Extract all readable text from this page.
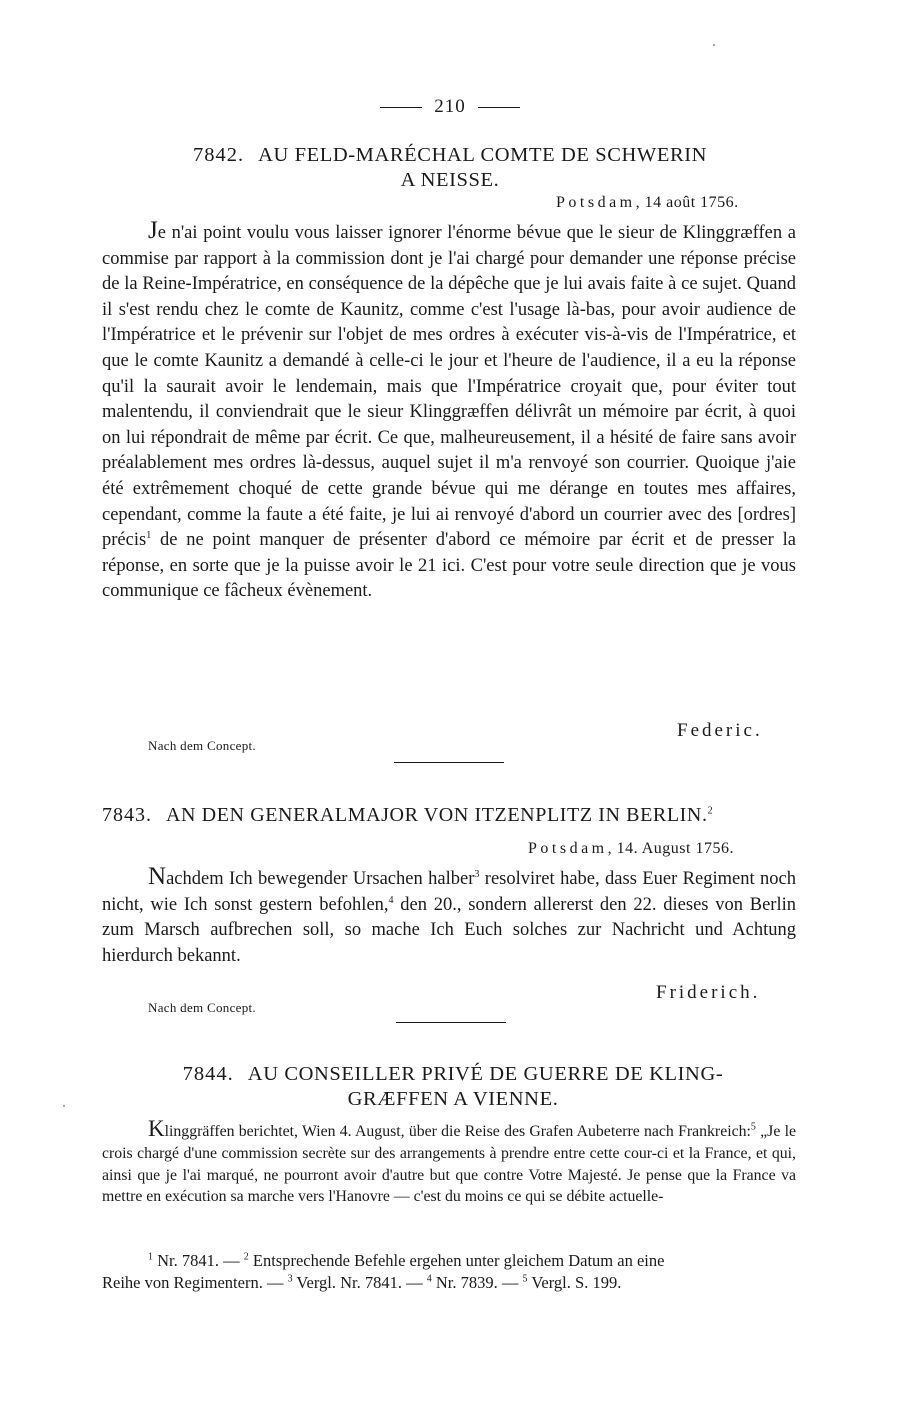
210
7842. AU FELD-MARÉCHAL COMTE DE SCHWERIN
A NEISSE.
Potsdam, 14 août 1756.

Je n'ai point voulu vous laisser ignorer l'énorme bévue que le sieur de Klinggræffen a commise par rapport à la commission dont je l'ai chargé pour demander une réponse précise de la Reine-Impératrice, en conséquence de la dépêche que je lui avais faite à ce sujet. Quand il s'est rendu chez le comte de Kaunitz, comme c'est l'usage là-bas, pour avoir audience de l'Impératrice et le prévenir sur l'objet de mes ordres à exécuter vis-à-vis de l'Impératrice, et que le comte Kaunitz a demandé à celle-ci le jour et l'heure de l'audience, il a eu la réponse qu'il la saurait avoir le lendemain, mais que l'Impératrice croyait que, pour éviter tout malentendu, il conviendrait que le sieur Klinggræffen délivrât un mémoire par écrit, à quoi on lui répondrait de même par écrit. Ce que, malheureusement, il a hésité de faire sans avoir préalablement mes ordres là-dessus, auquel sujet il m'a renvoyé son courrier. Quoique j'aie été extrêmement choqué de cette grande bévue qui me dérange en toutes mes affaires, cependant, comme la faute a été faite, je lui ai renvoyé d'abord un courrier avec des [ordres] précis$^1$ de ne point manquer de présenter d'abord ce mémoire par écrit et de presser la réponse, en sorte que je la puisse avoir le 21 ici. C'est pour votre seule direction que je vous communique ce fâcheux évènement.

Federic.
Nach dem Concept.
7843. AN DEN GENERALMAJOR VON ITZENPLITZ IN BERLIN.$^2$
Potsdam, 14. August 1756.

Nachdem Ich bewegender Ursachen halber$^3$ resolviret habe, dass Euer Regiment noch nicht, wie Ich sonst gestern befohlen,$^4$ den 20., sondern allererst den 22. dieses von Berlin zum Marsch aufbrechen soll, so mache Ich Euch solches zur Nachricht und Achtung hierdurch bekannt.

Friderich.
Nach dem Concept.
7844. AU CONSEILLER PRIVÉ DE GUERRE DE KLING-
GRÆFFEN A VIENNE.

Klinggräffen berichtet, Wien 4. August, über die Reise des Grafen Aubeterre nach Frankreich:$^5$ „Je le crois chargé d'une commission secrète sur des arrangements à prendre entre cette cour-ci et la France, et qui, ainsi que je l'ai marqué, ne pourront avoir d'autre but que contre Votre Majesté. Je pense que la France va mettre en exécution sa marche vers l'Hanovre — c'est du moins ce qui se débite actuelle-

$^1$ Nr. 7841. — $^2$ Entsprechende Befehle ergehen unter gleichem Datum an eine

Reihe von Regimentern. — $^3$ Vergl. Nr. 7841. — $^4$ Nr. 7839. — $^5$ Vergl. S. 199.
